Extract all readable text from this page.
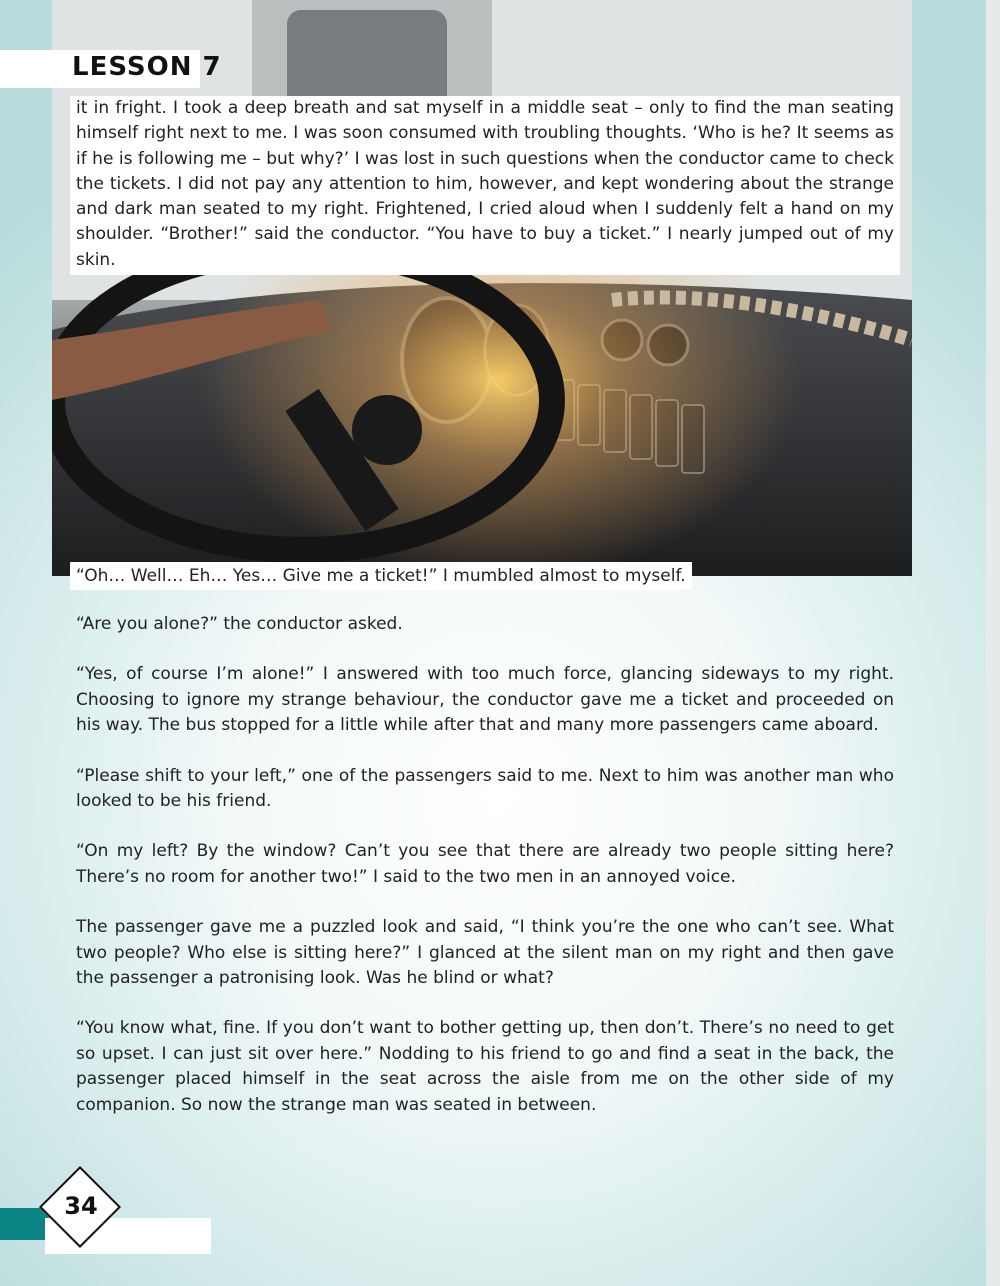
LESSON 7

it in fright. I took a deep breath and sat myself in a middle seat – only to find the man seating himself right next to me. I was soon consumed with troubling thoughts. ‘Who is he? It seems as if he is following me – but why?’ I was lost in such questions when the conductor came to check the tickets. I did not pay any attention to him, however, and kept wondering about the strange and dark man seated to my right. Frightened, I cried aloud when I suddenly felt a hand on my shoulder. “Brother!” said the conductor. “You have to buy a ticket.” I nearly jumped out of my skin.

“Oh… Well… Eh… Yes… Give me a ticket!” I mumbled almost to myself.

“Are you alone?” the conductor asked.

“Yes, of course I’m alone!” I answered with too much force, glancing sideways to my right. Choosing to ignore my strange behaviour, the conductor gave me a ticket and proceeded on his way. The bus stopped for a little while after that and many more passengers came aboard.

“Please shift to your left,” one of the passengers said to me. Next to him was another man who looked to be his friend.

“On my left? By the window? Can’t you see that there are already two people sitting here? There’s no room for another two!” I said to the two men in an annoyed voice.

The passenger gave me a puzzled look and said, “I think you’re the one who can’t see. What two people? Who else is sitting here?” I glanced at the silent man on my right and then gave the passenger a patronising look. Was he blind or what?

“You know what, fine. If you don’t want to bother getting up, then don’t. There’s no need to get so upset. I can just sit over here.” Nodding to his friend to go and find a seat in the back, the passenger placed himself in the seat across the aisle from me on the other side of my companion. So now the strange man was seated in between.

34
